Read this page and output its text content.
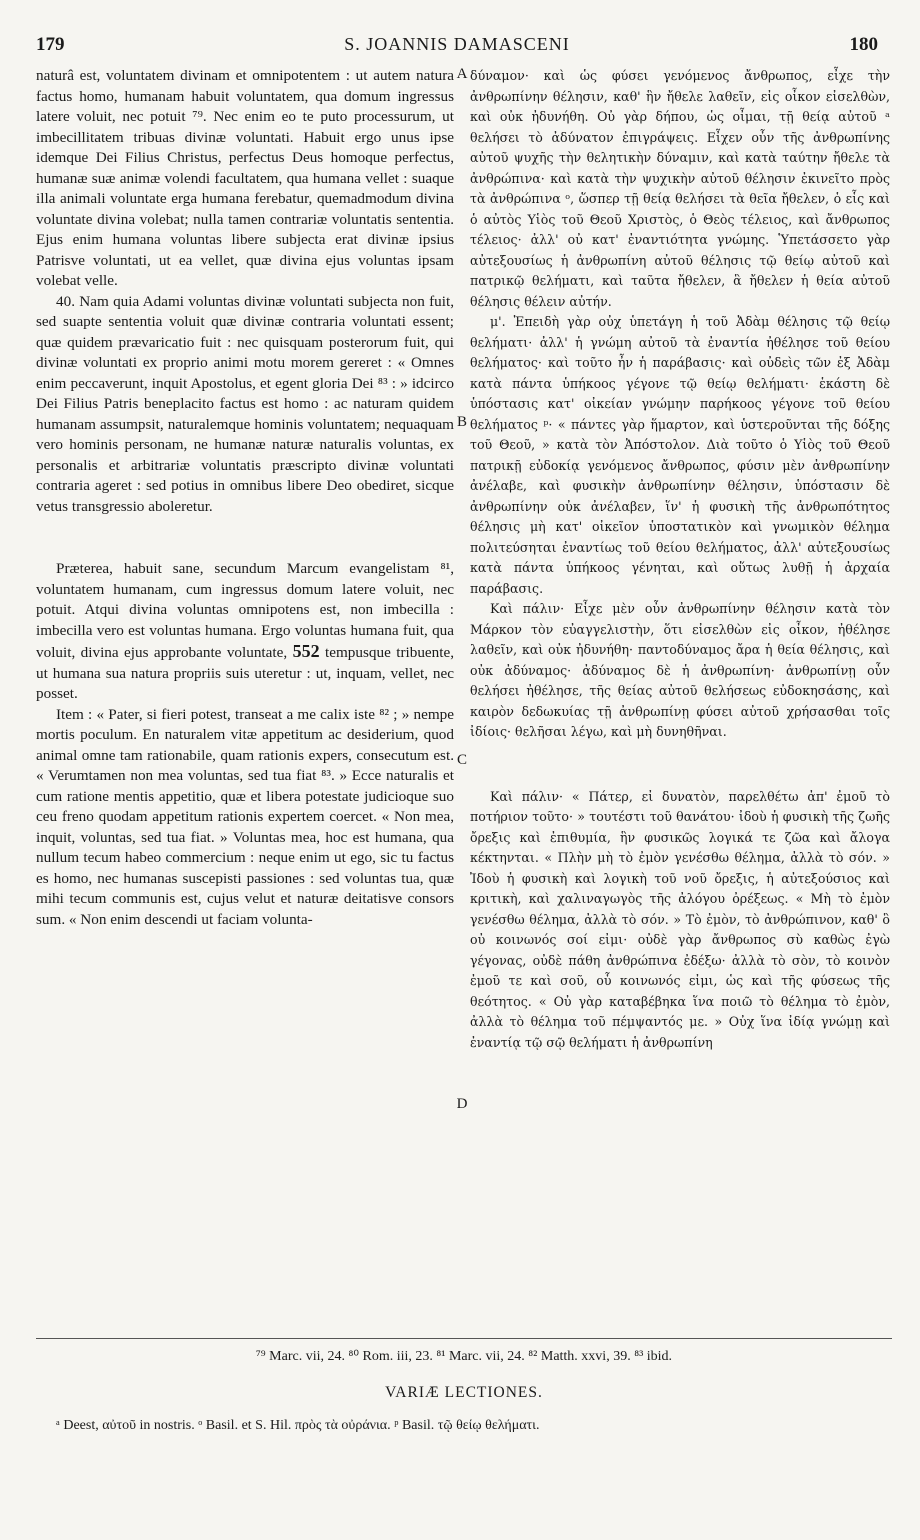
179	S. JOANNIS DAMASCENI	180

naturâ est, voluntatem divinam et omnipotentem : ut autem natura factus homo, humanam habuit voluntatem, qua domum ingressus latere voluit, nec potuit ⁷⁹. Nec enim eo te puto processurum, ut imbecillitatem tribuas divinæ voluntati. Habuit ergo unus ipse idemque Dei Filius Christus, perfectus Deus homoque perfectus, humanæ suæ animæ volendi facultatem, qua humana vellet : suaque illa animali voluntate erga humana ferebatur, quemadmodum divina voluntate divina volebat; nulla tamen contrariæ voluntatis sententia. Ejus enim humana voluntas libere subjecta erat divinæ ipsius Patrisve voluntati, ut ea vellet, quæ divina ejus voluntas ipsam volebat velle.

40. Nam quia Adami voluntas divinæ voluntati subjecta non fuit, sed suapte sententia voluit quæ divinæ contraria voluntati essent; quæ quidem prævaricatio fuit : nec quisquam posterorum fuit, qui divinæ voluntati ex proprio animi motu morem gereret : « Omnes enim peccaverunt, inquit Apostolus, et egent gloria Dei ⁸³ : » idcirco Dei Filius Patris beneplacito factus est homo : ac naturam quidem humanam assumpsit, naturalemque hominis voluntatem; nequaquam vero hominis personam, ne humanæ naturæ naturalis voluntas, ex personalis et arbitrariæ voluntatis præscripto divinæ voluntati contraria ageret : sed potius in omnibus libere Deo obediret, sicque vetus transgressio aboleretur.

Præterea, habuit sane, secundum Marcum evangelistam ⁸¹, voluntatem humanam, cum ingressus domum latere voluit, nec potuit. Atqui divina voluntas omnipotens est, non imbecilla : imbecilla vero est voluntas humana. Ergo voluntas humana fuit, qua voluit, divina ejus approbante voluntate, 552 tempusque tribuente, ut humana sua natura propriis suis uteretur : ut, inquam, vellet, nec posset.

Item : « Pater, si fieri potest, transeat a me calix iste ⁸² ; » nempe mortis poculum. En naturalem vitæ appetitum ac desiderium, quod animal omne tam rationabile, quam rationis expers, consecutum est. « Verumtamen non mea voluntas, sed tua fiat ⁸³. » Ecce naturalis et cum ratione mentis appetitio, quæ et libera potestate judicioque suo ceu freno quodam appetitum rationis expertem coercet. « Non mea, inquit, voluntas, sed tua fiat. » Voluntas mea, hoc est humana, qua nullum tecum habeo commercium : neque enim ut ego, sic tu factus es homo, nec humanas suscepisti passiones : sed voluntas tua, quæ mihi tecum communis est, cujus velut et naturæ deitatisve consors sum. « Non enim descendi ut faciam volunta-

A
B
C
D

δύναμον· καὶ ὡς φύσει γενόμενος ἄνθρωπος, εἶχε τὴν ἀνθρωπίνην θέλησιν, καθ' ἣν ἤθελε λαθεῖν, εἰς οἶκον εἰσελθὼν, καὶ οὐκ ἠδυνήθη. Οὐ γὰρ δήπου, ὡς οἶμαι, τῇ θείᾳ αὐτοῦ ᵃ θελήσει τὸ ἀδύνατον ἐπιγράψεις. Εἶχεν οὖν τῆς ἀνθρωπίνης αὐτοῦ ψυχῆς τὴν θελητικὴν δύναμιν, καὶ κατὰ ταύτην ἤθελε τὰ ἀνθρώπινα· καὶ κατὰ τὴν ψυχικὴν αὐτοῦ θέλησιν ἐκινεῖτο πρὸς τὰ ἀνθρώπινα ᵒ, ὥσπερ τῇ θείᾳ θελήσει τὰ θεῖα ἤθελεν, ὁ εἷς καὶ ὁ αὐτὸς Υἱὸς τοῦ Θεοῦ Χριστὸς, ὁ Θεὸς τέλειος, καὶ ἄνθρωπος τέλειος· ἀλλ' οὐ κατ' ἐναντιότητα γνώμης. Ὑπετάσσετο γὰρ αὐτεξουσίως ἡ ἀνθρωπίνη αὐτοῦ θέλησις τῷ θείῳ αὐτοῦ καὶ πατρικῷ θελήματι, καὶ ταῦτα ἤθελεν, ἃ ἤθελεν ἡ θεία αὐτοῦ θέλησις θέλειν αὐτήν.

μ'. Ἐπειδὴ γὰρ οὐχ ὑπετάγη ἡ τοῦ Ἀδὰμ θέλησις τῷ θείῳ θελήματι· ἀλλ' ἡ γνώμη αὐτοῦ τὰ ἐναντία ἠθέλησε τοῦ θείου θελήματος· καὶ τοῦτο ἦν ἡ παράβασις· καὶ οὐδεὶς τῶν ἐξ Ἀδὰμ κατὰ πάντα ὑπήκοος γέγονε τῷ θείῳ θελήματι· ἑκάστη δὲ ὑπόστασις κατ' οἰκείαν γνώμην παρήκοος γέγονε τοῦ θείου θελήματος ᵖ· « πάντες γὰρ ἥμαρτον, καὶ ὑστεροῦνται τῆς δόξης τοῦ Θεοῦ, » κατὰ τὸν Ἀπόστολον. Διὰ τοῦτο ὁ Υἱὸς τοῦ Θεοῦ πατρικῇ εὐδοκίᾳ γενόμενος ἄνθρωπος, φύσιν μὲν ἀνθρωπίνην ἀνέλαβε, καὶ φυσικὴν ἀνθρωπίνην θέλησιν, ὑπόστασιν δὲ ἀνθρωπίνην οὐκ ἀνέλαβεν, ἵν' ἡ φυσικὴ τῆς ἀνθρωπότητος θέλησις μὴ κατ' οἰκεῖον ὑποστατικὸν καὶ γνωμικὸν θέλημα πολιτεύσηται ἐναντίως τοῦ θείου θελήματος, ἀλλ' αὐτεξουσίως κατὰ πάντα ὑπήκοος γένηται, καὶ οὕτως λυθῇ ἡ ἀρχαία παράβασις.

Καὶ πάλιν· Εἶχε μὲν οὖν ἀνθρωπίνην θέλησιν κατὰ τὸν Μάρκον τὸν εὐαγγελιστὴν, ὅτι εἰσελθὼν εἰς οἶκον, ἠθέλησε λαθεῖν, καὶ οὐκ ἠδυνήθη· παντοδύναμος ἄρα ἡ θεία θέλησις, καὶ οὐκ ἀδύναμος· ἀδύναμος δὲ ἡ ἀνθρωπίνη· ἀνθρωπίνῃ οὖν θελήσει ἠθέλησε, τῆς θείας αὐτοῦ θελήσεως εὐδοκησάσης, καὶ καιρὸν δεδωκυίας τῇ ἀνθρωπίνῃ φύσει αὐτοῦ χρήσασθαι τοῖς ἰδίοις· θελῆσαι λέγω, καὶ μὴ δυνηθῆναι.

Καὶ πάλιν· « Πάτερ, εἰ δυνατὸν, παρελθέτω ἀπ' ἐμοῦ τὸ ποτήριον τοῦτο· » τουτέστι τοῦ θανάτου· ἰδοὺ ἡ φυσικὴ τῆς ζωῆς ὄρεξις καὶ ἐπιθυμία, ἣν φυσικῶς λογικά τε ζῶα καὶ ἄλογα κέκτηνται. « Πλὴν μὴ τὸ ἐμὸν γενέσθω θέλημα, ἀλλὰ τὸ σόν. » Ἰδοὺ ἡ φυσικὴ καὶ λογικὴ τοῦ νοῦ ὄρεξις, ἡ αὐτεξούσιος καὶ κριτικὴ, καὶ χαλιναγωγὸς τῆς ἀλόγου ὀρέξεως. « Μὴ τὸ ἐμὸν γενέσθω θέλημα, ἀλλὰ τὸ σόν. » Τὸ ἐμὸν, τὸ ἀνθρώπινον, καθ' ὃ οὐ κοινωνός σοί εἰμι· οὐδὲ γὰρ ἄνθρωπος σὺ καθὼς ἐγὼ γέγονας, οὐδὲ πάθη ἀνθρώπινα ἐδέξω· ἀλλὰ τὸ σὸν, τὸ κοινὸν ἐμοῦ τε καὶ σοῦ, οὗ κοινωνός εἰμι, ὡς καὶ τῆς φύσεως τῆς θεότητος. « Οὐ γὰρ καταβέβηκα ἵνα ποιῶ τὸ θέλημα τὸ ἐμὸν, ἀλλὰ τὸ θέλημα τοῦ πέμψαντός με. » Οὐχ ἵνα ἰδίᾳ γνώμῃ καὶ ἐναντίᾳ τῷ σῷ θελήματι ἡ ἀνθρωπίνη

⁷⁹ Marc. vii, 24. ⁸⁰ Rom. iii, 23. ⁸¹ Marc. vii, 24. ⁸² Matth. xxvi, 39. ⁸³ ibid.
VARIÆ LECTIONES.
ᵃ Deest, αὐτοῦ in nostris. ᵒ Basil. et S. Hil. πρὸς τὰ οὐράνια. ᵖ Basil. τῷ θείῳ θελήματι.
